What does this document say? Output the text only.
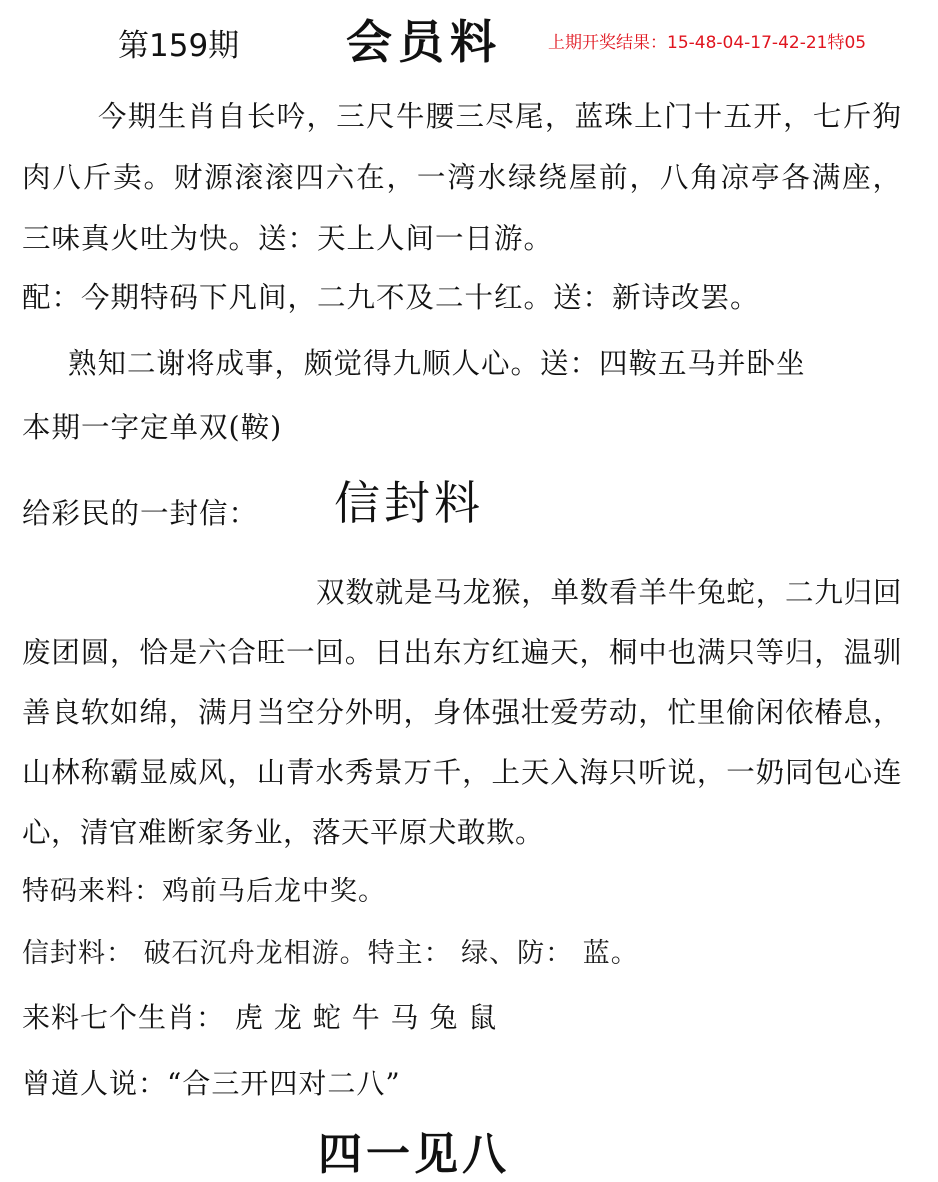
第159期 会员料	上期开奖结果：15-48-04-17-42-21特05
今期生肖自长吟，三尺牛腰三尽尾，蓝珠上门十五开，七斤狗肉八斤卖。财源滚滚四六在，一湾水绿绕屋前，八角凉亭各满座，三味真火吐为快。送：天上人间一日游。
配：今期特码下凡间，二九不及二十红。送：新诗改罢。
熟知二谢将成事，颇觉得九顺人心。送：四鞍五马并卧坐
本期一字定单双(鞍)
给彩民的一封信： 信封料
双数就是马龙猴，单数看羊牛兔蛇，二九归回废团圆，恰是六合旺一回。日出东方红遍天，桐中也满只等归，温驯善良软如绵，满月当空分外明，身体强壮爱劳动，忙里偷闲依椿息，山林称霸显威风，山青水秀景万千，上天入海只听说，一奶同包心连心，清官难断家务业，落天平原犬敢欺。
特码来料：鸡前马后龙中奖。
信封料： 破石沉舟龙相游。特主： 绿、防： 蓝。
来料七个生肖： 虎 龙 蛇 牛 马 兔 鼠
曾道人说：“合三开四对二八”
四一见八
